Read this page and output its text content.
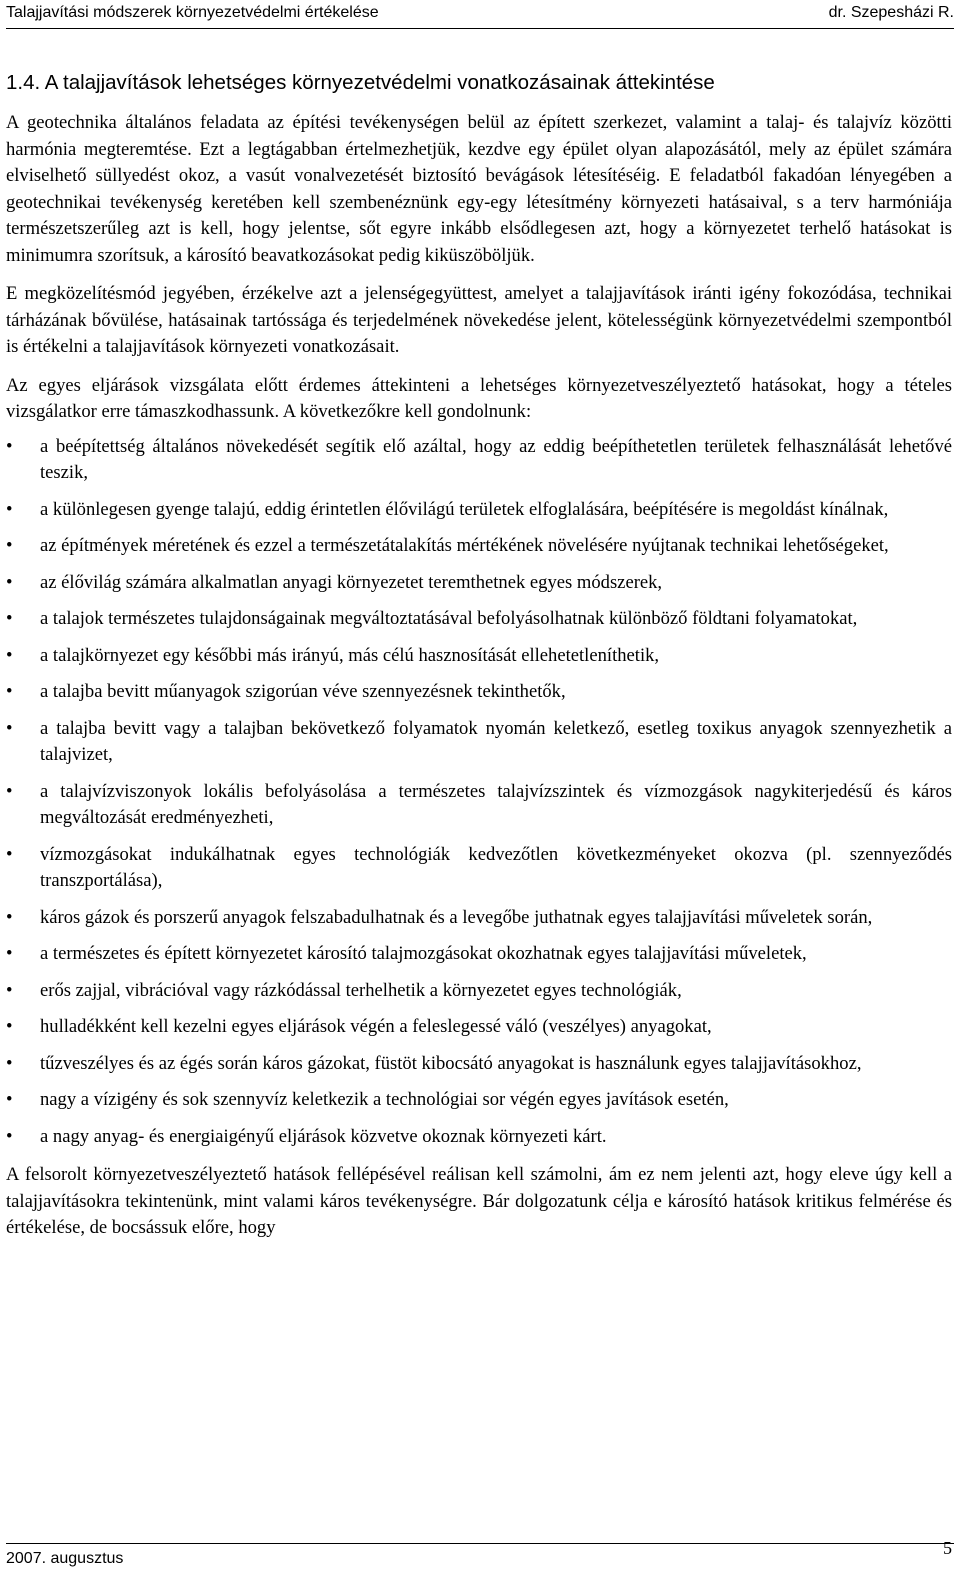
Talajjavítási módszerek környezetvédelmi értékelése	dr. Szepesházi R.
1.4. A talajjavítások lehetséges környezetvédelmi vonatkozásainak áttekintése

A geotechnika általános feladata az építési tevékenységen belül az épített szerkezet, valamint a talaj- és talajvíz közötti harmónia megteremtése. Ezt a legtágabban értelmezhetjük, kezdve egy épület olyan alapozásától, mely az épület számára elviselhető süllyedést okoz, a vasút vonalvezetését biztosító bevágások létesítéséig. E feladatból fakadóan lényegében a geotechnikai tevékenység keretében kell szembenéznünk egy-egy létesítmény környezeti hatásaival, s a terv harmóniája természetszerűleg azt is kell, hogy jelentse, sőt egyre inkább elsődlegesen azt, hogy a környezetet terhelő hatásokat is minimumra szorítsuk, a károsító beavatkozásokat pedig kiküszöböljük.

E megközelítésmód jegyében, érzékelve azt a jelenségegyüttest, amelyet a talajjavítások iránti igény fokozódása, technikai tárházának bővülése, hatásainak tartóssága és terjedelmének növekedése jelent, kötelességünk környezetvédelmi szempontból is értékelni a talajjavítások környezeti vonatkozásait.

Az egyes eljárások vizsgálata előtt érdemes áttekinteni a lehetséges környezetveszélyeztető hatásokat, hogy a tételes vizsgálatkor erre támaszkodhassunk. A következőkre kell gondolnunk:

•	a beépítettség általános növekedését segítik elő azáltal, hogy az eddig beépíthetetlen területek felhasználását lehetővé teszik,
•	a különlegesen gyenge talajú, eddig érintetlen élővilágú területek elfoglalására, beépítésére is megoldást kínálnak,
•	az építmények méretének és ezzel a természetátalakítás mértékének növelésére nyújtanak technikai lehetőségeket,
•	az élővilág számára alkalmatlan anyagi környezetet teremthetnek egyes módszerek,
•	a talajok természetes tulajdonságainak megváltoztatásával befolyásolhatnak különböző földtani folyamatokat,
•	a talajkörnyezet egy későbbi más irányú, más célú hasznosítását ellehetetleníthetik,
•	a talajba bevitt műanyagok szigorúan véve szennyezésnek tekinthetők,
•	a talajba bevitt vagy a talajban bekövetkező folyamatok nyomán keletkező, esetleg toxikus anyagok szennyezhetik a talajvizet,
•	a talajvízviszonyok lokális befolyásolása a természetes talajvízszintek és vízmozgások nagykiterjedésű és káros megváltozását eredményezheti,
•	vízmozgásokat indukálhatnak egyes technológiák kedvezőtlen következményeket okozva (pl. szennyeződés transzportálása),
•	káros gázok és porszerű anyagok felszabadulhatnak és a levegőbe juthatnak egyes talajjavítási műveletek során,
•	a természetes és épített környezetet károsító talajmozgásokat okozhatnak egyes talajjavítási műveletek,
•	erős zajjal, vibrációval vagy rázkódással terhelhetik a környezetet egyes technológiák,
•	hulladékként kell kezelni egyes eljárások végén a feleslegessé váló (veszélyes) anyagokat,
•	tűzveszélyes és az égés során káros gázokat, füstöt kibocsátó anyagokat is használunk egyes talajjavításokhoz,
•	nagy a vízigény és sok szennyvíz keletkezik a technológiai sor végén egyes javítások esetén,
•	a nagy anyag- és energiaigényű eljárások közvetve okoznak környezeti kárt.

A felsorolt környezetveszélyeztető hatások fellépésével reálisan kell számolni, ám ez nem jelenti azt, hogy eleve úgy kell a talajjavításokra tekintenünk, mint valami káros tevékenységre. Bár dolgozatunk célja e károsító hatások kritikus felmérése és értékelése, de bocsássuk előre, hogy

2007. augusztus
5
